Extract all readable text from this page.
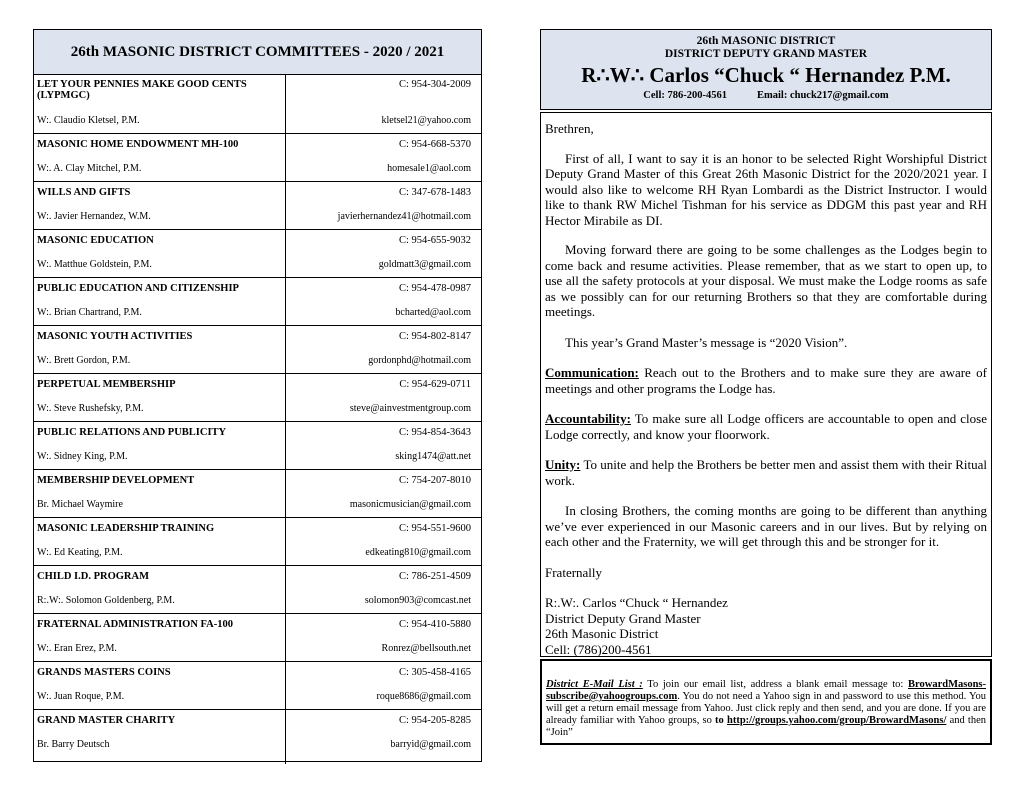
26th MASONIC DISTRICT COMMITTEES - 2020 / 2021
LET YOUR PENNIES MAKE GOOD CENTS (LYPMGC)
C: 954-304-2009
W:. Claudio Kletsel, P.M.	kletsel21@yahoo.com
MASONIC HOME ENDOWMENT MH-100	C: 954-668-5370
W:. A. Clay Mitchel, P.M.	homesale1@aol.com
WILLS AND GIFTS	C: 347-678-1483
W:. Javier Hernandez, W.M.	javierhernandez41@hotmail.com
MASONIC EDUCATION	C: 954-655-9032
W:. Matthue Goldstein, P.M.	goldmatt3@gmail.com
PUBLIC EDUCATION AND CITIZENSHIP	C: 954-478-0987
W:. Brian Chartrand, P.M.	bcharted@aol.com
MASONIC YOUTH ACTIVITIES	C: 954-802-8147
W:. Brett Gordon, P.M.	gordonphd@hotmail.com
PERPETUAL MEMBERSHIP	C: 954-629-0711
W:. Steve Rushefsky, P.M.	steve@ainvestmentgroup.com
PUBLIC RELATIONS AND PUBLICITY	C: 954-854-3643
W:. Sidney King, P.M.	sking1474@att.net
MEMBERSHIP DEVELOPMENT	C: 754-207-8010
Br. Michael Waymire	masonicmusician@gmail.com
MASONIC LEADERSHIP TRAINING	C: 954-551-9600
W:. Ed Keating, P.M.	edkeating810@gmail.com
CHILD I.D. PROGRAM	C: 786-251-4509
R:.W:. Solomon Goldenberg, P.M.	solomon903@comcast.net
FRATERNAL ADMINISTRATION FA-100	C: 954-410-5880
W:. Eran Erez, P.M.	Ronrez@bellsouth.net
GRANDS MASTERS COINS	C: 305-458-4165
W:. Juan Roque, P.M.	roque8686@gmail.com
GRAND MASTER CHARITY	C: 954-205-8285
Br. Barry Deutsch	barryid@gmail.com
26th MASONIC DISTRICT
DISTRICT DEPUTY GRAND MASTER
R∴W∴ Carlos “Chuck “ Hernandez P.M.
Cell: 786-200-4561	Email: chuck217@gmail.com

Brethren,

First of all, I want to say it is an honor to be selected Right Worshipful District Deputy Grand Master of this Great 26th Masonic District for the 2020/2021 year. I would also like to welcome RH Ryan Lombardi as the District Instructor. I would like to thank RW Michel Tishman for his service as DDGM this past year and RH Hector Mirabile as DI.

Moving forward there are going to be some challenges as the Lodges begin to come back and resume activities. Please remember, that as we start to open up, to use all the safety protocols at your disposal. We must make the Lodge rooms as safe as we possibly can for our returning Brothers so that they are comfortable during meetings.

This year’s Grand Master’s message is “2020 Vision”.

Communication: Reach out to the Brothers and to make sure they are aware of meetings and other programs the Lodge has.

Accountability: To make sure all Lodge officers are accountable to open and close Lodge correctly, and know your floorwork.

Unity: To unite and help the Brothers be better men and assist them with their Ritual work.

In closing Brothers, the coming months are going to be different than anything we’ve ever experienced in our Masonic careers and in our lives. But by relying on each other and the Fraternity, we will get through this and be stronger for it.

Fraternally

R:.W:. Carlos “Chuck “ Hernandez

District Deputy Grand Master

26th Masonic District

Cell: (786)200-4561

District E-Mail List : To join our email list, address a blank email message to: BrowardMasons-subscribe@yahoogroups.com. You do not need a Yahoo sign in and password to use this method. You will get a return email message from Yahoo. Just click reply and then send, and you are done. If you are already familiar with Yahoo groups, so to http://groups.yahoo.com/group/BrowardMasons/ and then “Join”
